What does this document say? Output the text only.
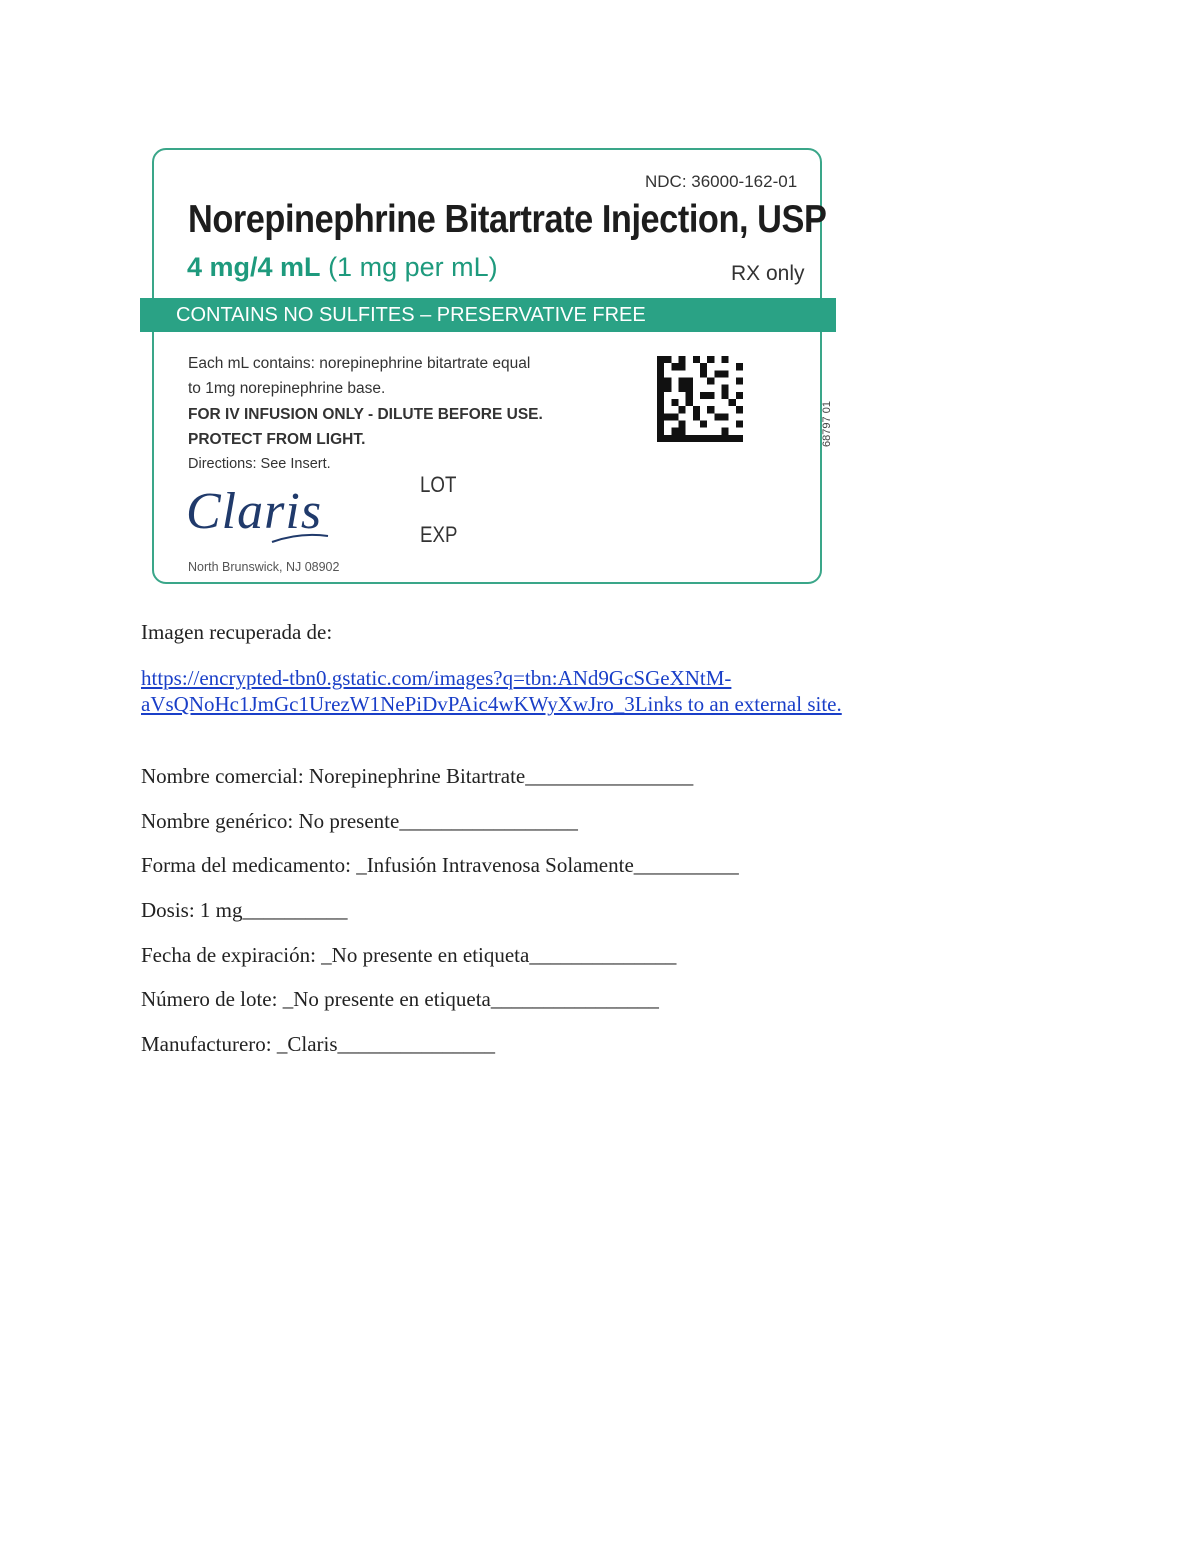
NDC: 36000-162-01
Norepinephrine Bitartrate Injection, USP
4 mg/4 mL (1 mg per mL)	RX only
Each mL contains: norepinephrine bitartrate equal
to 1mg norepinephrine base.
FOR IV INFUSION ONLY - DILUTE BEFORE USE.
PROTECT FROM LIGHT.
Directions: See Insert.
LOT
EXP
Claris
North Brunswick, NJ 08902
68797 01
CONTAINS NO SULFITES – PRESERVATIVE FREE
Imagen recuperada de:
https://encrypted-tbn0.gstatic.com/images?q=tbn:ANd9GcSGeXNtM-
aVsQNoHc1JmGc1UrezW1NePiDvPAic4wKWyXwJro_3Links to an external site.
Nombre comercial: Norepinephrine Bitartrate________________
Nombre genérico: No presente_________________
Forma del medicamento: _Infusión Intravenosa Solamente__________
Dosis: 1 mg__________
Fecha de expiración: _No presente en etiqueta______________
Número de lote: _No presente en etiqueta________________
Manufacturero: _Claris_______________
